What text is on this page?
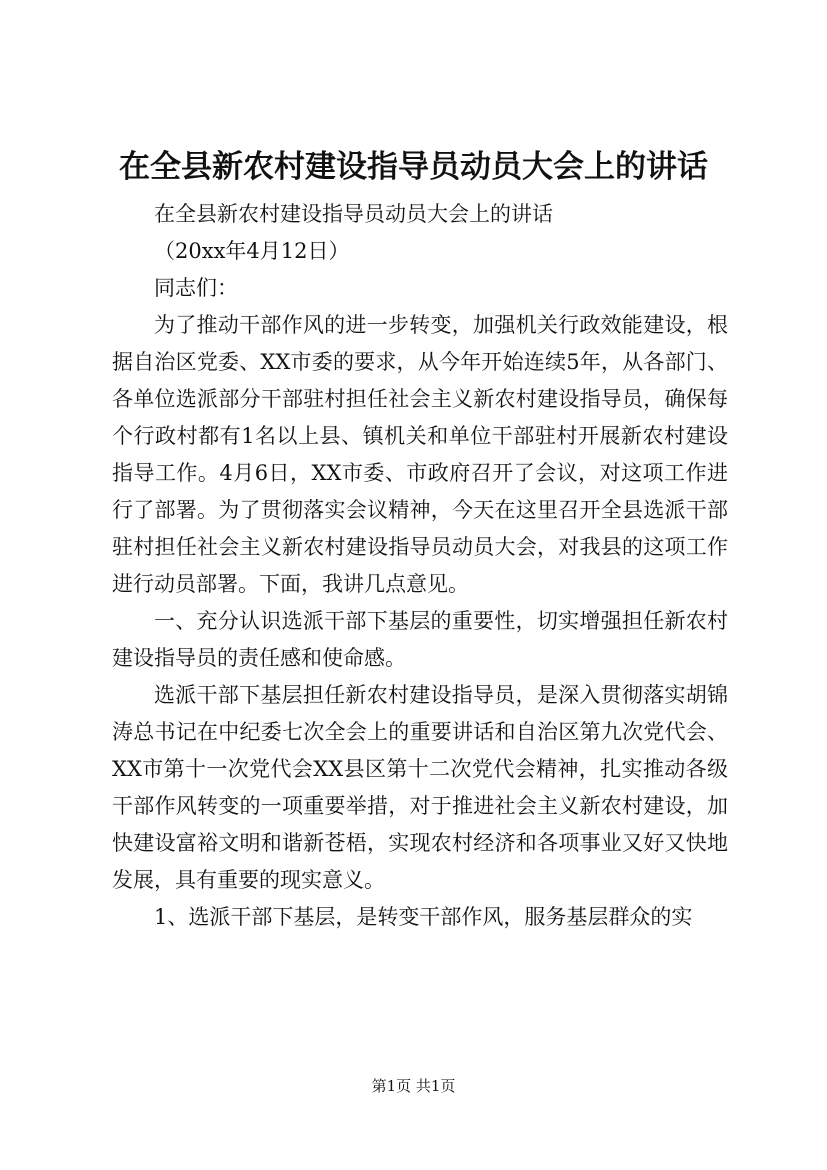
在全县新农村建设指导员动员大会上的讲话

在全县新农村建设指导员动员大会上的讲话

（20xx年4月12日）

同志们：

为了推动干部作风的进一步转变，加强机关行政效能建设，根据自治区党委、XX市委的要求，从今年开始连续5年，从各部门、各单位选派部分干部驻村担任社会主义新农村建设指导员，确保每个行政村都有1名以上县、镇机关和单位干部驻村开展新农村建设指导工作。4月6日，XX市委、市政府召开了会议，对这项工作进行了部署。为了贯彻落实会议精神，今天在这里召开全县选派干部驻村担任社会主义新农村建设指导员动员大会，对我县的这项工作进行动员部署。下面，我讲几点意见。

一、充分认识选派干部下基层的重要性，切实增强担任新农村建设指导员的责任感和使命感。

选派干部下基层担任新农村建设指导员，是深入贯彻落实胡锦涛总书记在中纪委七次全会上的重要讲话和自治区第九次党代会、XX市第十一次党代会XX县区第十二次党代会精神，扎实推动各级干部作风转变的一项重要举措，对于推进社会主义新农村建设，加快建设富裕文明和谐新苍梧，实现农村经济和各项事业又好又快地发展，具有重要的现实意义。

1、选派干部下基层，是转变干部作风，服务基层群众的实

第1页 共1页
